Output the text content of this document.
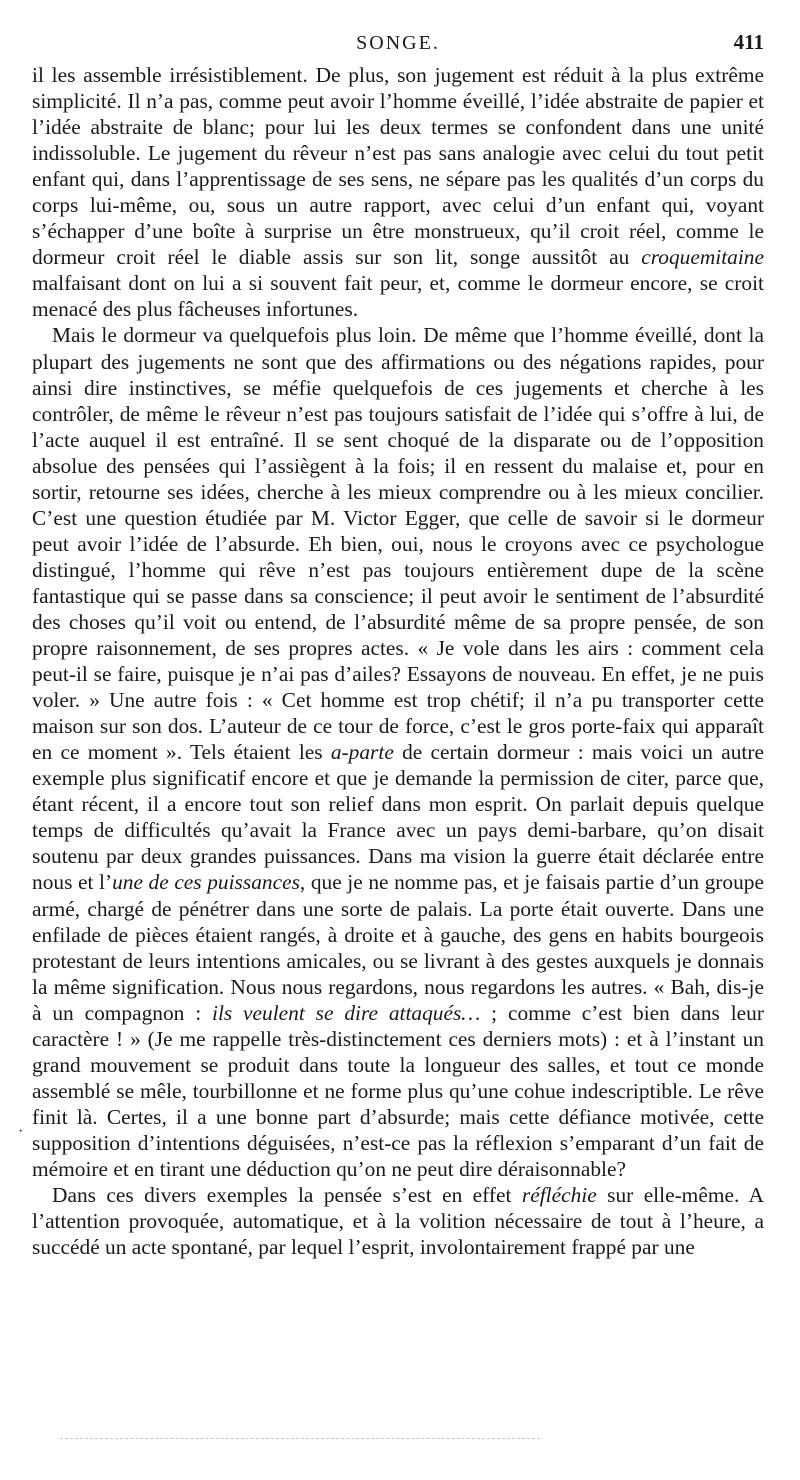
SONGE.	411

il les assemble irrésistiblement. De plus, son jugement est réduit à la plus extrême simplicité. Il n’a pas, comme peut avoir l’homme éveillé, l’idée abstraite de papier et l’idée abstraite de blanc; pour lui les deux termes se confondent dans une unité indissoluble. Le jugement du rêveur n’est pas sans analogie avec celui du tout petit enfant qui, dans l’apprentissage de ses sens, ne sépare pas les qualités d’un corps du corps lui-même, ou, sous un autre rapport, avec celui d’un enfant qui, voyant s’échapper d’une boîte à surprise un être monstrueux, qu’il croit réel, comme le dormeur croit réel le diable assis sur son lit, songe aussitôt au croquemitaine malfaisant dont on lui a si souvent fait peur, et, comme le dormeur encore, se croit menacé des plus fâcheuses infortunes.

Mais le dormeur va quelquefois plus loin. De même que l’homme éveillé, dont la plupart des jugements ne sont que des affirmations ou des négations rapides, pour ainsi dire instinctives, se méfie quelquefois de ces jugements et cherche à les contrôler, de même le rêveur n’est pas toujours satisfait de l’idée qui s’offre à lui, de l’acte auquel il est entraîné. Il se sent choqué de la disparate ou de l’opposition absolue des pensées qui l’assiègent à la fois; il en ressent du malaise et, pour en sortir, retourne ses idées, cherche à les mieux comprendre ou à les mieux concilier. C’est une question étudiée par M. Victor Egger, que celle de savoir si le dormeur peut avoir l’idée de l’absurde. Eh bien, oui, nous le croyons avec ce psychologue distingué, l’homme qui rêve n’est pas toujours entièrement dupe de la scène fantastique qui se passe dans sa conscience; il peut avoir le sentiment de l’absurdité des choses qu’il voit ou entend, de l’absurdité même de sa propre pensée, de son propre raisonnement, de ses propres actes. « Je vole dans les airs : comment cela peut-il se faire, puisque je n’ai pas d’ailes? Essayons de nouveau. En effet, je ne puis voler. » Une autre fois : « Cet homme est trop chétif; il n’a pu transporter cette maison sur son dos. L’auteur de ce tour de force, c’est le gros porte-faix qui apparaît en ce moment ». Tels étaient les a-parte de certain dormeur : mais voici un autre exemple plus significatif encore et que je demande la permission de citer, parce que, étant récent, il a encore tout son relief dans mon esprit. On parlait depuis quelque temps de difficultés qu’avait la France avec un pays demi-barbare, qu’on disait soutenu par deux grandes puissances. Dans ma vision la guerre était déclarée entre nous et l’une de ces puissances, que je ne nomme pas, et je faisais partie d’un groupe armé, chargé de pénétrer dans une sorte de palais. La porte était ouverte. Dans une enfilade de pièces étaient rangés, à droite et à gauche, des gens en habits bourgeois protestant de leurs intentions amicales, ou se livrant à des gestes auxquels je donnais la même signification. Nous nous regardons, nous regardons les autres. « Bah, dis-je à un compagnon : ils veulent se dire attaqués… ; comme c’est bien dans leur caractère ! » (Je me rappelle très-distinctement ces derniers mots) : et à l’instant un grand mouvement se produit dans toute la longueur des salles, et tout ce monde assemblé se mêle, tourbillonne et ne forme plus qu’une cohue indescriptible. Le rêve finit là. Certes, il a une bonne part d’absurde; mais cette défiance motivée, cette supposition d’intentions déguisées, n’est-ce pas la réflexion s’emparant d’un fait de mémoire et en tirant une déduction qu’on ne peut dire déraisonnable?

Dans ces divers exemples la pensée s’est en effet réfléchie sur elle-même. A l’attention provoquée, automatique, et à la volition nécessaire de tout à l’heure, a succédé un acte spontané, par lequel l’esprit, involontairement frappé par une

·
